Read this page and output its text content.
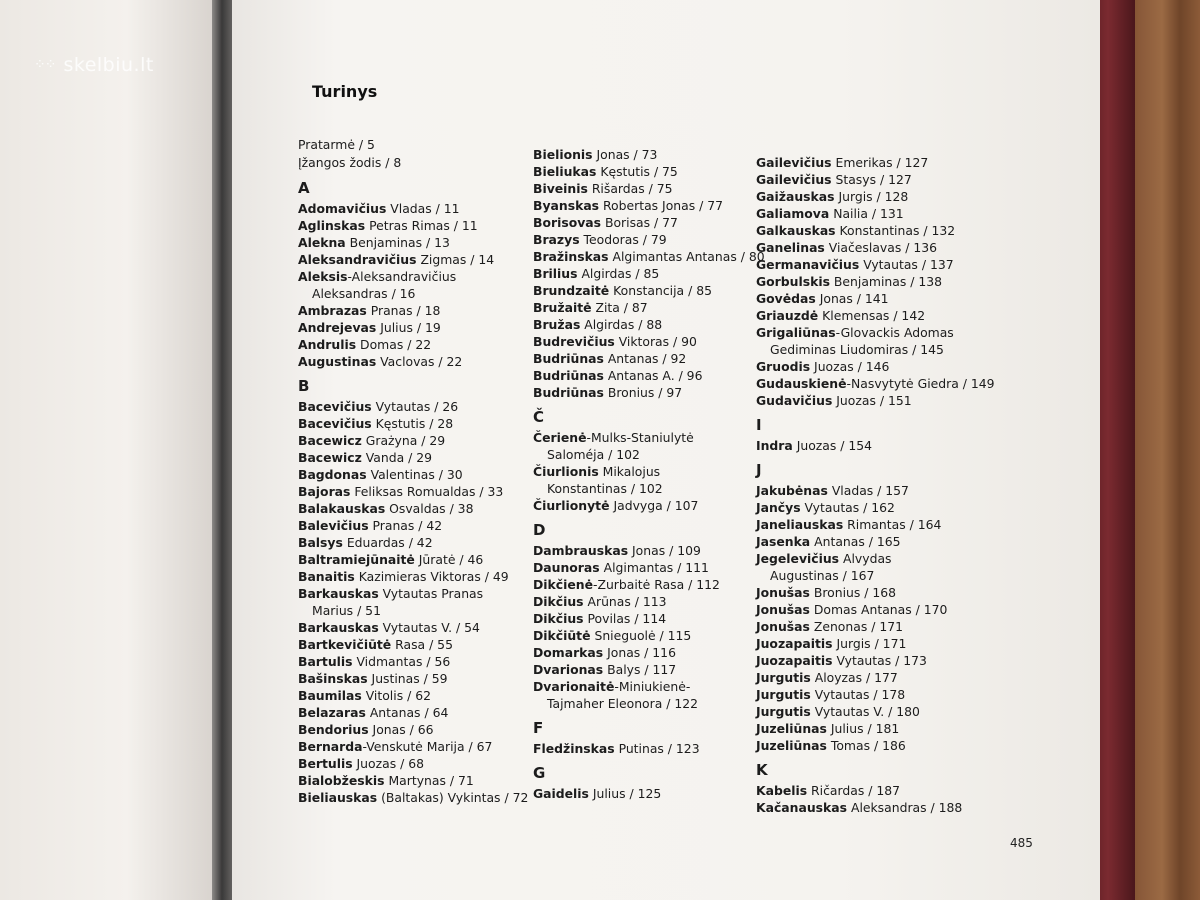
⁘⁘ skelbiu.lt
Turinys
Pratarmė / 5
Įžangos žodis / 8
A
Adomavičius Vladas / 11
Aglinskas Petras Rimas / 11
Alekna Benjaminas / 13
Aleksandravičius Zigmas / 14
Aleksis-Aleksandravičius
Aleksandras / 16
Ambrazas Pranas / 18
Andrejevas Julius / 19
Andrulis Domas / 22
Augustinas Vaclovas / 22
B
Bacevičius Vytautas / 26
Bacevičius Kęstutis / 28
Bacewicz Grażyna / 29
Bacewicz Vanda / 29
Bagdonas Valentinas / 30
Bajoras Feliksas Romualdas / 33
Balakauskas Osvaldas / 38
Balevičius Pranas / 42
Balsys Eduardas / 42
Baltramiejūnaitė Jūratė / 46
Banaitis Kazimieras Viktoras / 49
Barkauskas Vytautas Pranas
Marius / 51
Barkauskas Vytautas V. / 54
Bartkevičiūtė Rasa / 55
Bartulis Vidmantas / 56
Bašinskas Justinas / 59
Baumilas Vitolis / 62
Belazaras Antanas / 64
Bendorius Jonas / 66
Bernarda-Venskutė Marija / 67
Bertulis Juozas / 68
Bialobžeskis Martynas / 71
Bieliauskas (Baltakas) Vykintas / 72
Bielionis Jonas / 73
Bieliukas Kęstutis / 75
Biveinis Rišardas / 75
Byanskas Robertas Jonas / 77
Borisovas Borisas / 77
Brazys Teodoras / 79
Bražinskas Algimantas Antanas / 80
Brilius Algirdas / 85
Brundzaitė Konstancija / 85
Bružaitė Zita / 87
Bružas Algirdas / 88
Budrevičius Viktoras / 90
Budriūnas Antanas / 92
Budriūnas Antanas A. / 96
Budriūnas Bronius / 97
Č
Čerienė-Mulks-Staniulytė
Saloméja / 102
Čiurlionis Mikalojus
Konstantinas / 102
Čiurlionytė Jadvyga / 107
D
Dambrauskas Jonas / 109
Daunoras Algimantas / 111
Dikčienė-Zurbaitė Rasa / 112
Dikčius Arūnas / 113
Dikčius Povilas / 114
Dikčiūtė Snieguolė / 115
Domarkas Jonas / 116
Dvarionas Balys / 117
Dvarionaitė-Miniukienė-
Tajmaher Eleonora / 122
F
Fledžinskas Putinas / 123
G
Gaidelis Julius / 125
Gailevičius Emerikas / 127
Gailevičius Stasys / 127
Gaižauskas Jurgis / 128
Galiamova Nailia / 131
Galkauskas Konstantinas / 132
Ganelinas Viačeslavas / 136
Germanavičius Vytautas / 137
Gorbulskis Benjaminas / 138
Govėdas Jonas / 141
Griauzdė Klemensas / 142
Grigaliūnas-Glovackis Adomas
Gediminas Liudomiras / 145
Gruodis Juozas / 146
Gudauskienė-Nasvytytė Giedra / 149
Gudavičius Juozas / 151
I
Indra Juozas / 154
J
Jakubėnas Vladas / 157
Jančys Vytautas / 162
Janeliauskas Rimantas / 164
Jasenka Antanas / 165
Jegelevičius Alvydas
Augustinas / 167
Jonušas Bronius / 168
Jonušas Domas Antanas / 170
Jonušas Zenonas / 171
Juozapaitis Jurgis / 171
Juozapaitis Vytautas / 173
Jurgutis Aloyzas / 177
Jurgutis Vytautas / 178
Jurgutis Vytautas V. / 180
Juzeliūnas Julius / 181
Juzeliūnas Tomas / 186
K
Kabelis Ričardas / 187
Kačanauskas Aleksandras / 188
485
